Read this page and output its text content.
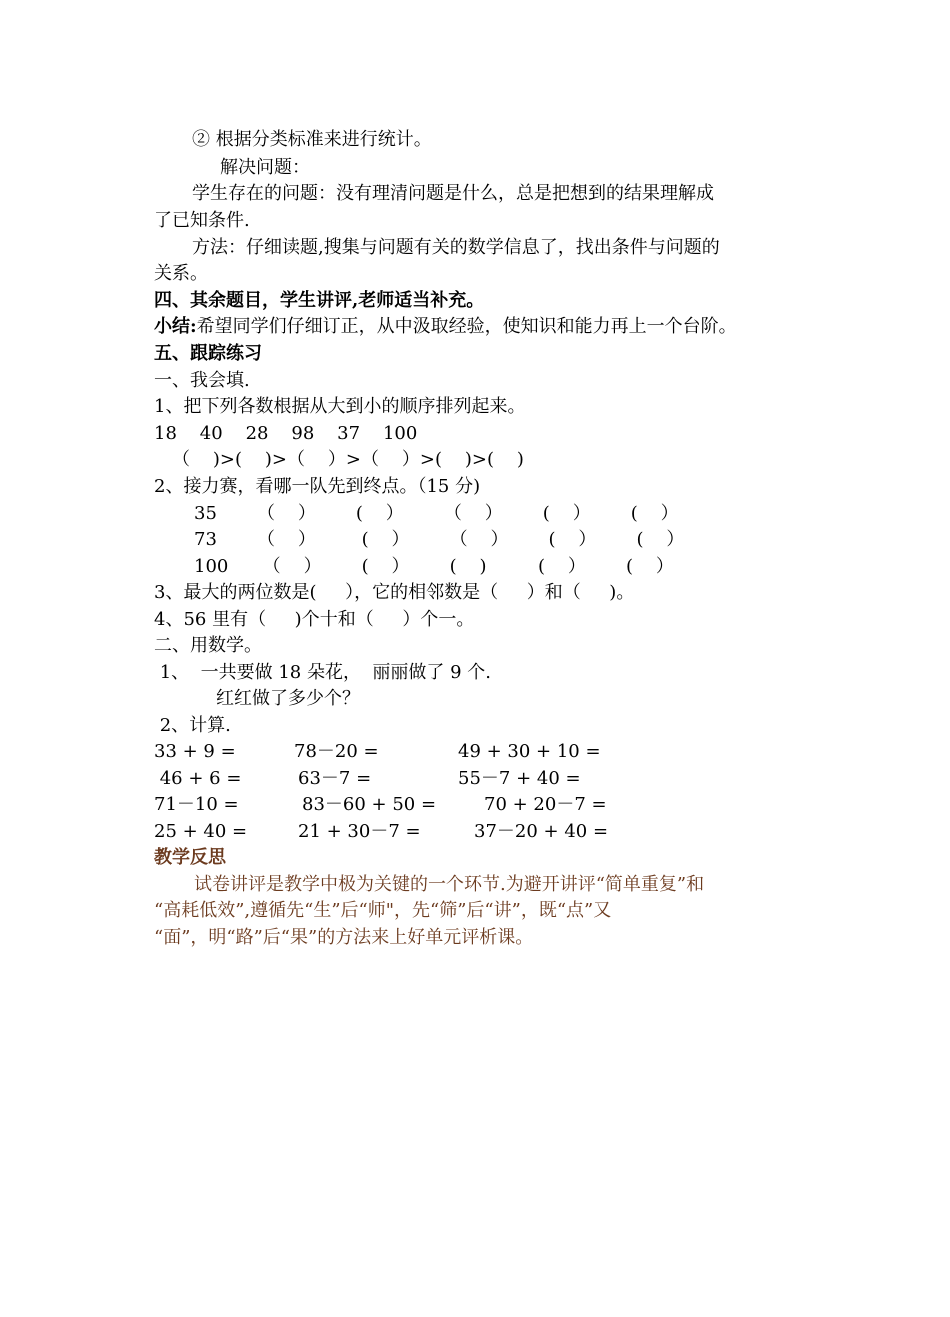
② 根据分类标准来进行统计。
解决问题：
学生存在的问题：没有理清问题是什么，总是把想到的结果理解成
了已知条件.
方法：仔细读题,搜集与问题有关的数学信息了，找出条件与问题的
关系。
四、其余题目，学生讲评,老师适当补充。
小结:希望同学们仔细订正，从中汲取经验，使知识和能力再上一个台阶。
五、跟踪练习
一、我会填.
1、把下列各数根据从大到小的顺序排列起来。
18    40    28    98    37    100
（    )>(    )>（    ）>（    ）>(    )>(    )
2、接力赛，看哪一队先到终点。（15 分)
35       （    ）       (    ）       （    ）       (    ）       (    ）
73       （    ）        (    ）       （    ）       (    ）       (    ）
100      （    ）       (    ）       (    )         (    ）       (    ）
3、最大的两位数是(     ），它的相邻数是（     ）和（     )。
4、56 里有（     )个十和（     ）个一。
二、用数学。
1、  一共要做 18 朵花，  丽丽做了 9 个.
红红做了多少个？
2、计算.
33 + 9 =	78－20 =	49 + 30 + 10 =
46 + 6 =	63－7 =	55－7 + 40 =
71－10 =	83－60 + 50 =	70 + 20－7 =
25 + 40 =	21 + 30－7 =	37－20 + 40 =
教学反思
试卷讲评是教学中极为关键的一个环节.为避开讲评“简单重复”和
“高耗低效”,遵循先“生”后“师"，先“筛”后“讲”，既“点”又
“面”，明“路”后“果”的方法来上好单元评析课。
